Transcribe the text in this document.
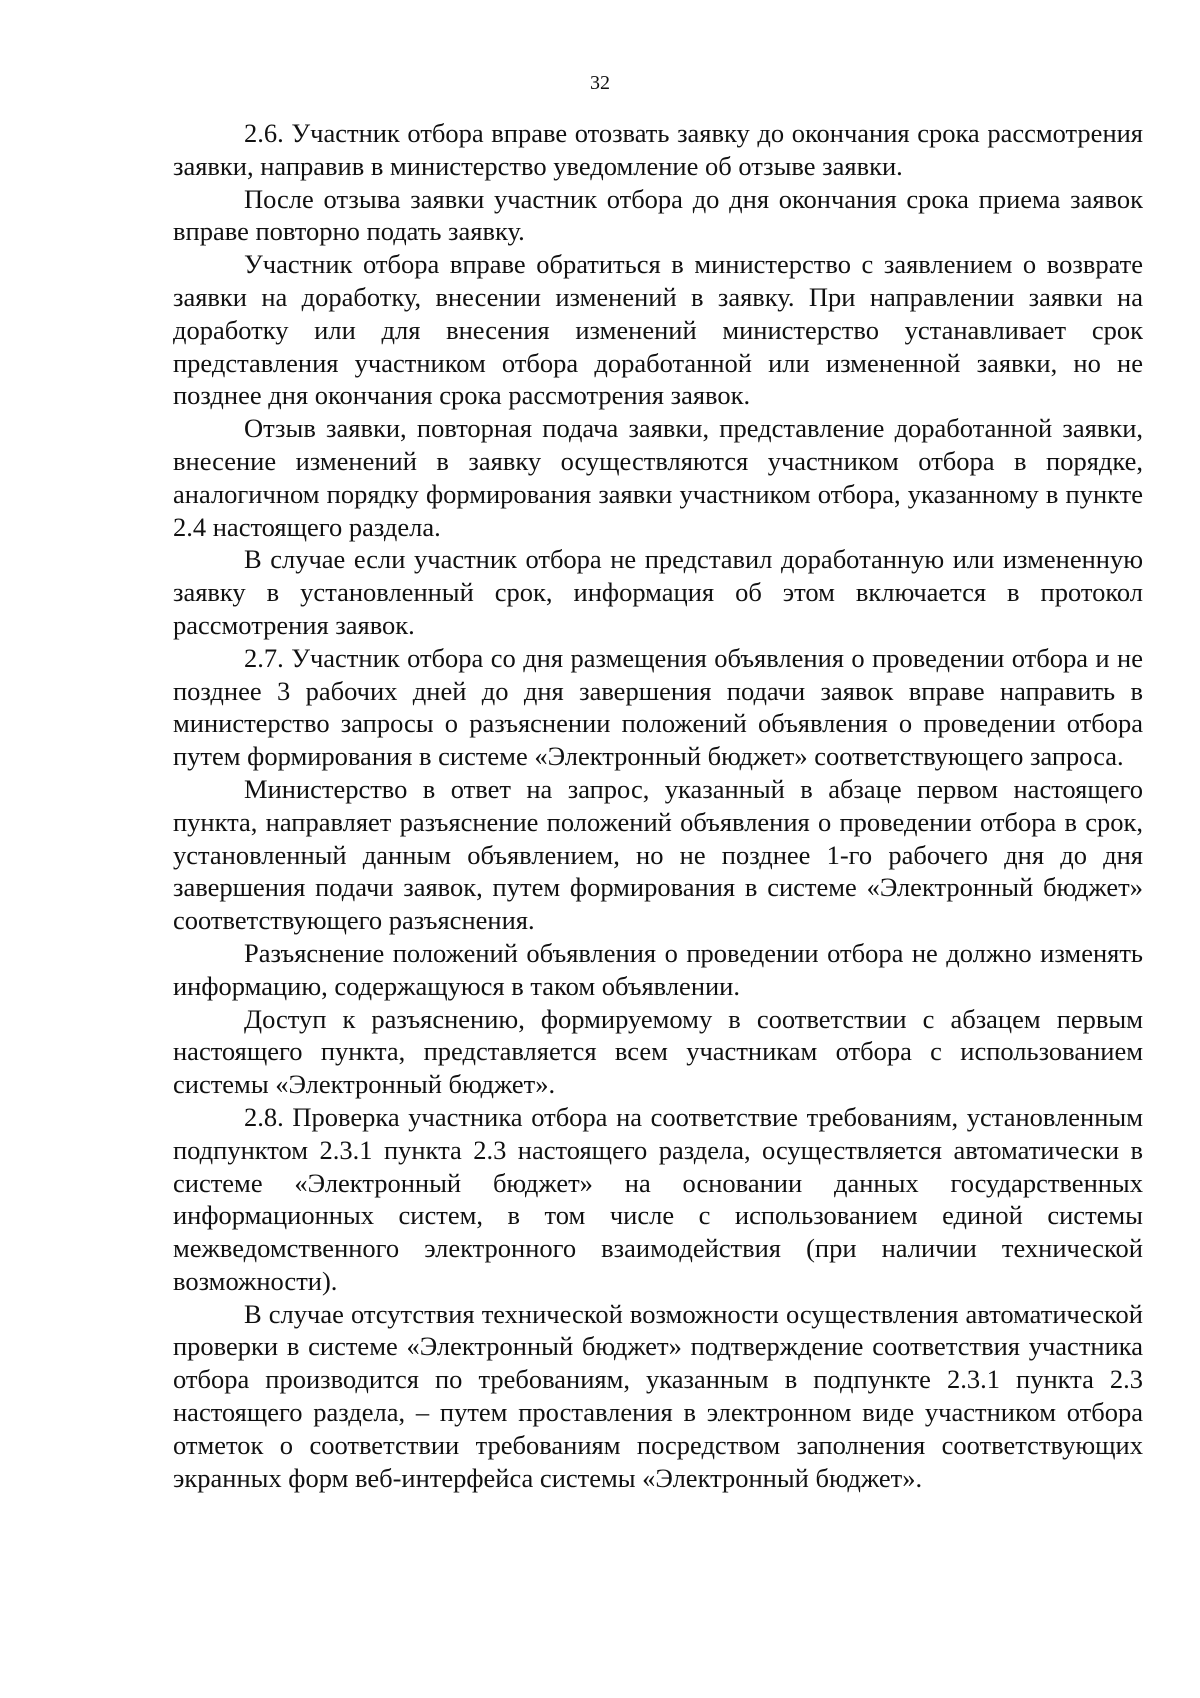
32

2.6. Участник отбора вправе отозвать заявку до окончания срока рассмотрения заявки, направив в министерство уведомление об отзыве заявки.

После отзыва заявки участник отбора до дня окончания срока приема заявок вправе повторно подать заявку.

Участник отбора вправе обратиться в министерство с заявлением о возврате заявки на доработку, внесении изменений в заявку. При направлении заявки на доработку или для внесения изменений министерство устанавливает срок представления участником отбора доработанной или измененной заявки, но не позднее дня окончания срока рассмотрения заявок.

Отзыв заявки, повторная подача заявки, представление доработанной заявки, внесение изменений в заявку осуществляются участником отбора в порядке, аналогичном порядку формирования заявки участником отбора, указанному в пункте 2.4 настоящего раздела.

В случае если участник отбора не представил доработанную или измененную заявку в установленный срок, информация об этом включается в протокол рассмотрения заявок.

2.7. Участник отбора со дня размещения объявления о проведении отбора и не позднее 3 рабочих дней до дня завершения подачи заявок вправе направить в министерство запросы о разъяснении положений объявления о проведении отбора путем формирования в системе «Электронный бюджет» соответствующего запроса.

Министерство в ответ на запрос, указанный в абзаце первом настоящего пункта, направляет разъяснение положений объявления о проведении отбора в срок, установленный данным объявлением, но не позднее 1-го рабочего дня до дня завершения подачи заявок, путем формирования в системе «Электронный бюджет» соответствующего разъяснения.

Разъяснение положений объявления о проведении отбора не должно изменять информацию, содержащуюся в таком объявлении.

Доступ к разъяснению, формируемому в соответствии с абзацем первым настоящего пункта, представляется всем участникам отбора с использованием системы «Электронный бюджет».

2.8. Проверка участника отбора на соответствие требованиям, установленным подпунктом 2.3.1 пункта 2.3 настоящего раздела, осуществляется автоматически в системе «Электронный бюджет» на основании данных государственных информационных систем, в том числе с использованием единой системы межведомственного электронного взаимодействия (при наличии технической возможности).

В случае отсутствия технической возможности осуществления автоматической проверки в системе «Электронный бюджет» подтверждение соответствия участника отбора производится по требованиям, указанным в подпункте 2.3.1 пункта 2.3 настоящего раздела, – путем проставления в электронном виде участником отбора отметок о соответствии требованиям посредством заполнения соответствующих экранных форм веб-интерфейса системы «Электронный бюджет».
